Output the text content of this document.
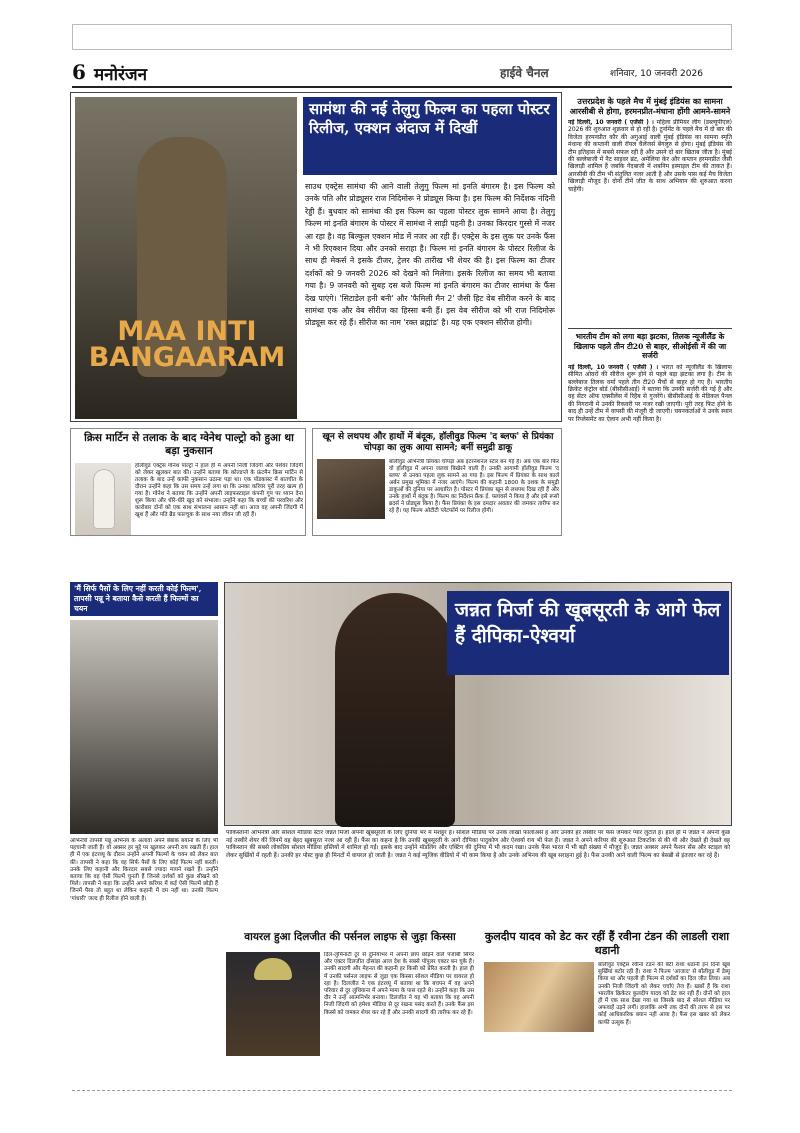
6 मनोरंजन	हाईवे चैनल	शनिवार, 10 जनवरी 2026
MAA INTI BANGAARAM
सामंथा की नई तेलुगु फिल्म का पहला पोस्टर रिलीज, एक्शन अंदाज में दिखीं
साउथ एक्ट्रेस सामंथा की आने वाली तेलुगु फिल्म मां इनति बंगारम है। इस फिल्म को उनके पति और प्रोड्यूसर राज निदिमोरू ने प्रोड्यूस किया है। इस फिल्म की निर्देशक नंदिनी रेड्डी हैं। बुधवार को सामंथा की इस फिल्म का पहला पोस्टर लुक सामने आया है। तेलुगु फिल्म मां इनति बंगारम के पोस्टर में सामंथा ने साड़ी पहनी है। उनका किरदार गुस्से में नजर आ रहा है। वह बिल्कुल एक्शन मोड में नजर आ रही हैं। एक्ट्रेस के इस लुक पर उनके फैंस ने भी रिएक्शन दिया और उनको सराहा है। फिल्म मां इनति बंगारम के पोस्टर रिलीज के साथ ही मेकर्स ने इसके टीजर, ट्रेलर की तारीख भी शेयर की है। इस फिल्म का टीजर दर्शकों को 9 जनवरी 2026 को देखने को मिलेगा। इसके रिलीज का समय भी बताया गया है। 9 जनवरी को सुबह दस बजे फिल्म मां इनति बंगारम का टीजर सामंथा के फैंस देख पाएंगे। 'सिटाडेल हनी बनी' और 'फैमिली मैन 2' जैसी हिट वेब सीरीज करने के बाद सामंथा एक और वेब सीरीज का हिस्सा बनी हैं। इस वेब सीरीज को भी राज निदिमोरू प्रोड्यूस कर रहे हैं। सीरीज का नाम 'रक्त ब्रह्मांड' है। यह एक एक्शन सीरीज होगी।
उत्तरप्रदेश के पहले मैच में मुंबई इंडियंस का सामना आरसीबी से होगा, हरमनप्रीत-मंधाना होंगी आमने-सामने
नई दिल्ली, 10 जनवरी ( एजेंसी ) । महिला प्रीमियर लीग (डब्ल्यूपीएल) 2026 की शुरुआत शुक्रवार से हो रही है। टूर्नामेंट के पहले मैच में दो बार की विजेता हरमनप्रीत कौर की अगुआई वाली मुंबई इंडियंस का सामना स्मृति मंधाना की कप्तानी वाली रॉयल चैलेंजर्स बेंगलुरु से होगा। मुंबई इंडियंस की टीम इतिहास में सबसे सफल रही है और उसने दो बार खिताब जीता है। मुंबई की बल्लेबाजी में नैट साइवर ब्रंट, अमेलिया केर और कप्तान हरमनप्रीत जैसी खिलाड़ी शामिल हैं जबकि गेंदबाजी में शबनिम इस्माइल टीम की ताकत हैं। आरसीबी की टीम भी संतुलित नजर आती है और उसके पास कई मैच विजेता खिलाड़ी मौजूद हैं। दोनों टीमें जीत के साथ अभियान की शुरुआत करना चाहेंगी।
भारतीय टीम को लगा बड़ा झटका, तिलक न्यूजीलैंड के खिलाफ पहले तीन टी20 से बाहर, सीओईसी में की जा सर्जरी
नई दिल्ली, 10 जनवरी ( एजेंसी ) । भारत को न्यूजीलैंड के खिलाफ सीमित ओवरों की सीरीज शुरू होने से पहले बड़ा झटका लगा है। टीम के बल्लेबाज तिलक वर्मा पहले तीन टी20 मैचों से बाहर हो गए हैं। भारतीय क्रिकेट कंट्रोल बोर्ड (बीसीसीआई) ने बताया कि उनकी सर्जरी की गई है और वह सेंटर ऑफ एक्सीलेंस में रिहैब से गुजरेंगे। बीसीसीआई के मेडिकल पैनल की निगरानी में उनकी रिकवरी पर नजर रखी जाएगी। पूरी तरह फिट होने के बाद ही उन्हें टीम में वापसी की मंजूरी दी जाएगी। चयनकर्ताओं ने उनके स्थान पर रिप्लेसमेंट का ऐलान अभी नहीं किया है।
क्रिस मार्टिन से तलाक के बाद ग्वेनेथ पाल्ट्रो को हुआ था बड़ा नुकसान
हॉलीवुड एक्ट्रेस ग्वेनेथ पाल्ट्रो ने हाल ही में अपनी निजी जिंदगी और पेशेवर जिंदगी को लेकर खुलकर बात की। उन्होंने बताया कि कोल्डप्ले के फ्रंटमैन क्रिस मार्टिन से तलाक के बाद उन्हें काफी नुकसान उठाना पड़ा था। एक पॉडकास्ट में बातचीत के दौरान उन्होंने कहा कि उस समय उन्हें लगा था कि उनका करियर पूरी तरह खत्म हो गया है। ग्वेनेथ ने बताया कि उन्होंने अपनी लाइफस्टाइल कंपनी गूप पर ध्यान देना शुरू किया और धीरे-धीरे खुद को संभाला। उन्होंने कहा कि बच्चों की परवरिश और कारोबार दोनों को एक साथ संभालना आसान नहीं था। आज वह अपनी जिंदगी में खुश हैं और पति ब्रैड फाल्चुक के साथ नया जीवन जी रही हैं।
खून से लथपथ और हाथों में बंदूक, हॉलीवुड फिल्म 'द ब्लफ' से प्रियंका चोपड़ा का लुक आया सामने; बनीं समुद्री डाकू
बॉलीवुड अभिनेत्री प्रियंका चोपड़ा अब इंटरनेशनल स्टार बन गई हैं। अब एक बार फिर वो हॉलीवुड में अपना जलवा बिखेरने वाली हैं। उनकी आगामी हॉलीवुड फिल्म 'द ब्लफ' से उनका पहला लुक सामने आ गया है। इस फिल्म में प्रियंका के साथ कार्ल अर्बन प्रमुख भूमिका में नजर आएंगे। फिल्म की कहानी 1800 के दशक के समुद्री डाकुओं की दुनिया पर आधारित है। पोस्टर में प्रियंका खून से लथपथ दिख रही हैं और उनके हाथों में बंदूक है। फिल्म का निर्देशन फ्रैंक ई. फ्लावर्स ने किया है और इसे रूसो ब्रदर्स ने प्रोड्यूस किया है। फैंस प्रियंका के इस दमदार अवतार की जमकर तारीफ कर रहे हैं। यह फिल्म ओटीटी प्लेटफॉर्म पर रिलीज होगी।
'मैं सिर्फ पैसों के लिए नहीं करती कोई फिल्म', तापसी पन्नू ने बताया कैसे करती हैं फिल्मों का चयन
अभिनेत्री तापसी पन्नू अभिनय के अलावा अपने बेबाक बयानों के लिए भी पहचानी जाती हैं। वो अक्सर हर मुद्दे पर खुलकर अपनी राय रखती हैं। हाल ही में एक इंटरव्यू के दौरान उन्होंने अपनी फिल्मों के चयन को लेकर बात की। तापसी ने कहा कि वह सिर्फ पैसों के लिए कोई फिल्म नहीं करतीं। उनके लिए कहानी और किरदार सबसे ज्यादा मायने रखते हैं। उन्होंने बताया कि वह ऐसी फिल्में चुनती हैं जिनसे दर्शकों को कुछ सीखने को मिले। तापसी ने कहा कि उन्होंने अपने करियर में कई ऐसी फिल्में छोड़ी हैं जिनमें पैसा तो बहुत था लेकिन कहानी में दम नहीं था। उनकी फिल्म 'गांधारी' जल्द ही रिलीज होने वाली है।
जन्नत मिर्जा की खूबसूरती के आगे फेल हैं दीपिका-ऐश्वर्या
पाकिस्तानी अभिनेत्री और सोशल मीडिया स्टार जन्नत मिर्जा अपनी खूबसूरती के लिए दुनिया भर में मशहूर हैं। सोशल मीडिया पर उनके लाखों फॉलोअर्स हैं और उनकी हर तस्वीर पर फैंस जमकर प्यार लुटाते हैं। हाल ही में जन्नत ने अपनी कुछ नई तस्वीरें शेयर कीं जिनमें वह बेहद खूबसूरत नजर आ रही हैं। फैंस का कहना है कि उनकी खूबसूरती के आगे दीपिका पादुकोण और ऐश्वर्या राय भी फेल हैं। जन्नत ने अपने करियर की शुरुआत टिकटॉक से की थी और देखते ही देखते वह पाकिस्तान की सबसे लोकप्रिय सोशल मीडिया हस्तियों में शामिल हो गईं। इसके बाद उन्होंने मॉडलिंग और एक्टिंग की दुनिया में भी कदम रखा। उनके फैंस भारत में भी बड़ी संख्या में मौजूद हैं। जन्नत अक्सर अपने फैशन सेंस और स्टाइल को लेकर सुर्खियों में रहती हैं। उनकी हर पोस्ट कुछ ही मिनटों में वायरल हो जाती है। जन्नत ने कई म्यूजिक वीडियो में भी काम किया है और उनके अभिनय की खूब सराहना हुई है। फैंस उनकी आने वाली फिल्म का बेसब्री से इंतजार कर रहे हैं।
वायरल हुआ दिलजीत की पर्सनल लाइफ से जुड़ा किस्सा
दिल-लुमिनाटी टूर से दुनियाभर में अपनी छाप छोड़ने वाले पंजाबी सिंगर और एक्टर दिलजीत दोसांझ आज देश के सबसे पॉपुलर एक्टर बन चुके हैं। उनकी सादगी और मेहनत की कहानी हर किसी को प्रेरित करती है। हाल ही में उनकी पर्सनल लाइफ से जुड़ा एक किस्सा सोशल मीडिया पर वायरल हो रहा है। दिलजीत ने एक इंटरव्यू में बताया था कि बचपन में वह अपने परिवार से दूर लुधियाना में अपने मामा के पास रहते थे। उन्होंने कहा कि उस दौर ने उन्हें आत्मनिर्भर बनाया। दिलजीत ने यह भी बताया कि वह अपनी निजी जिंदगी को हमेशा मीडिया से दूर रखना पसंद करते हैं। उनके फैंस इस किस्से को जमकर शेयर कर रहे हैं और उनकी सादगी की तारीफ कर रहे हैं।
कुलदीप यादव को डेट कर रहीं हैं रवीना टंडन की लाडली राशा थडानी
बॉलीवुड एक्ट्रेस रवीना टंडन की बेटी राशा थडानी इन दिनों खूब सुर्खियां बटोर रही हैं। राशा ने फिल्म 'आजाद' से बॉलीवुड में डेब्यू किया था और पहली ही फिल्म से दर्शकों का दिल जीत लिया। अब उनकी निजी जिंदगी को लेकर चर्चाएं तेज हैं। खबरें हैं कि राशा भारतीय क्रिकेटर कुलदीप यादव को डेट कर रही हैं। दोनों को हाल ही में एक साथ देखा गया था जिसके बाद से सोशल मीडिया पर अफवाहें उड़ने लगीं। हालांकि अभी तक दोनों की तरफ से इस पर कोई आधिकारिक बयान नहीं आया है। फैंस इस खबर को लेकर काफी उत्सुक हैं।
